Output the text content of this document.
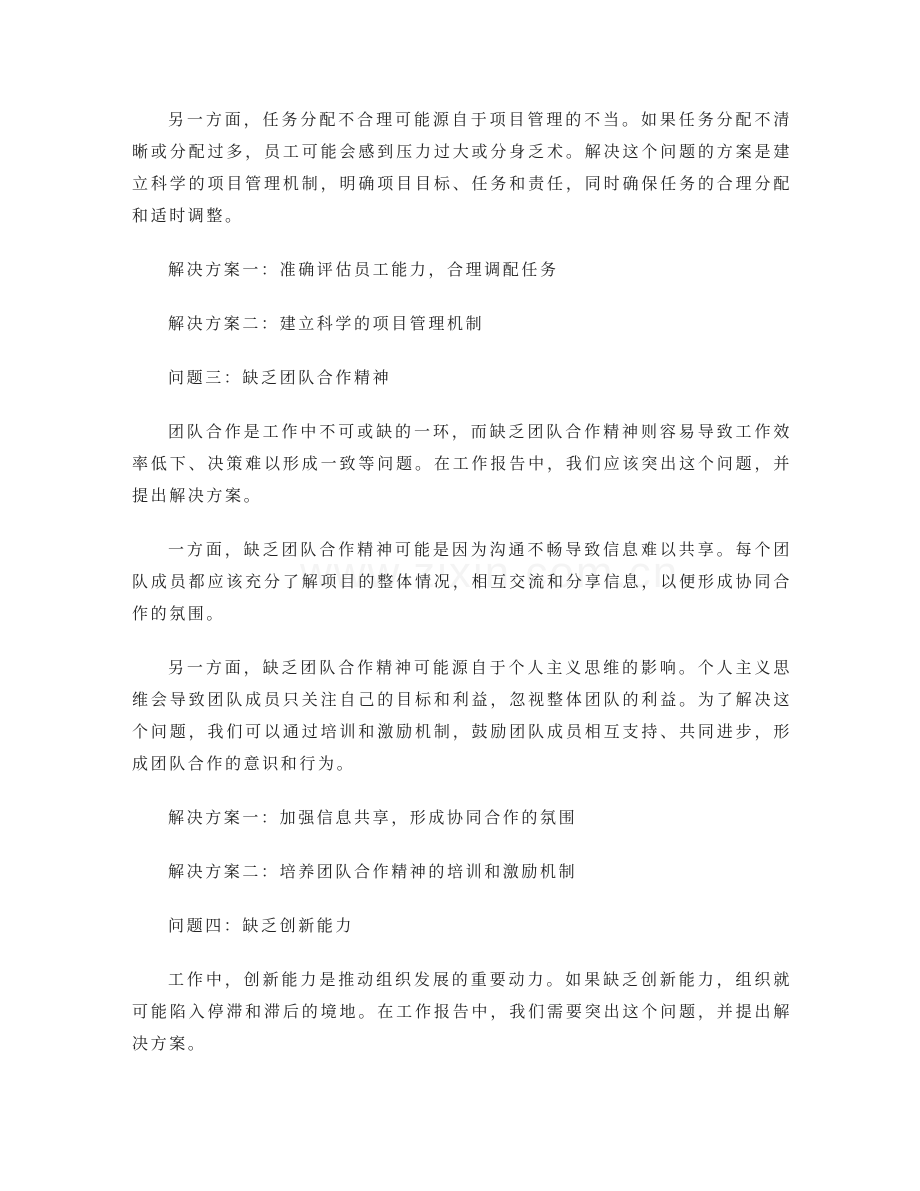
另一方面，任务分配不合理可能源自于项目管理的不当。如果任务分配不清晰或分配过多，员工可能会感到压力过大或分身乏术。解决这个问题的方案是建立科学的项目管理机制，明确项目目标、任务和责任，同时确保任务的合理分配和适时调整。

解决方案一：准确评估员工能力，合理调配任务

解决方案二：建立科学的项目管理机制

问题三：缺乏团队合作精神

团队合作是工作中不可或缺的一环，而缺乏团队合作精神则容易导致工作效率低下、决策难以形成一致等问题。在工作报告中，我们应该突出这个问题，并提出解决方案。

一方面，缺乏团队合作精神可能是因为沟通不畅导致信息难以共享。每个团队成员都应该充分了解项目的整体情况，相互交流和分享信息，以便形成协同合作的氛围。

另一方面，缺乏团队合作精神可能源自于个人主义思维的影响。个人主义思维会导致团队成员只关注自己的目标和利益，忽视整体团队的利益。为了解决这个问题，我们可以通过培训和激励机制，鼓励团队成员相互支持、共同进步，形成团队合作的意识和行为。

解决方案一：加强信息共享，形成协同合作的氛围

解决方案二：培养团队合作精神的培训和激励机制

问题四：缺乏创新能力

工作中，创新能力是推动组织发展的重要动力。如果缺乏创新能力，组织就可能陷入停滞和滞后的境地。在工作报告中，我们需要突出这个问题，并提出解决方案。
